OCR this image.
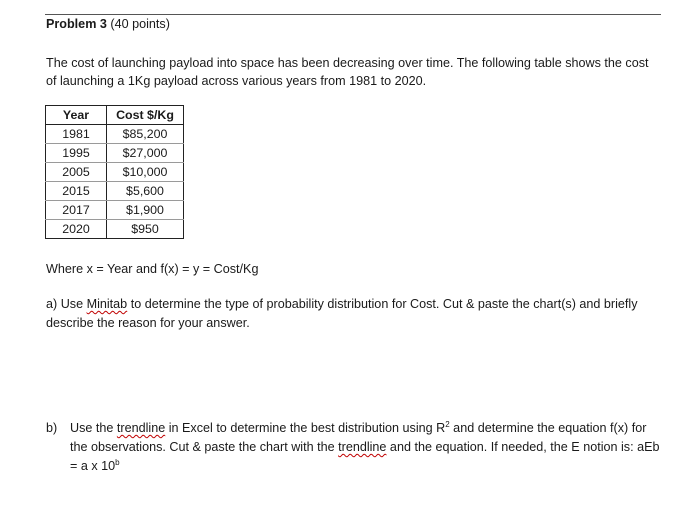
Problem 3 (40 points)
The cost of launching payload into space has been decreasing over time. The following table shows the cost of launching a 1Kg payload across various years from 1981 to 2020.
Year	Cost $/Kg
1981	$85,200
1995	$27,000
2005	$10,000
2015	$5,600
2017	$1,900
2020	$950
Where x = Year and f(x) = y = Cost/Kg
a) Use Minitab to determine the type of probability distribution for Cost. Cut & paste the chart(s) and briefly describe the reason for your answer.
b) Use the trendline in Excel to determine the best distribution using $R^2$ and determine the equation f(x) for the observations. Cut & paste the chart with the trendline and the equation. If needed, the E notion is: aEb = a x 10$^b$
